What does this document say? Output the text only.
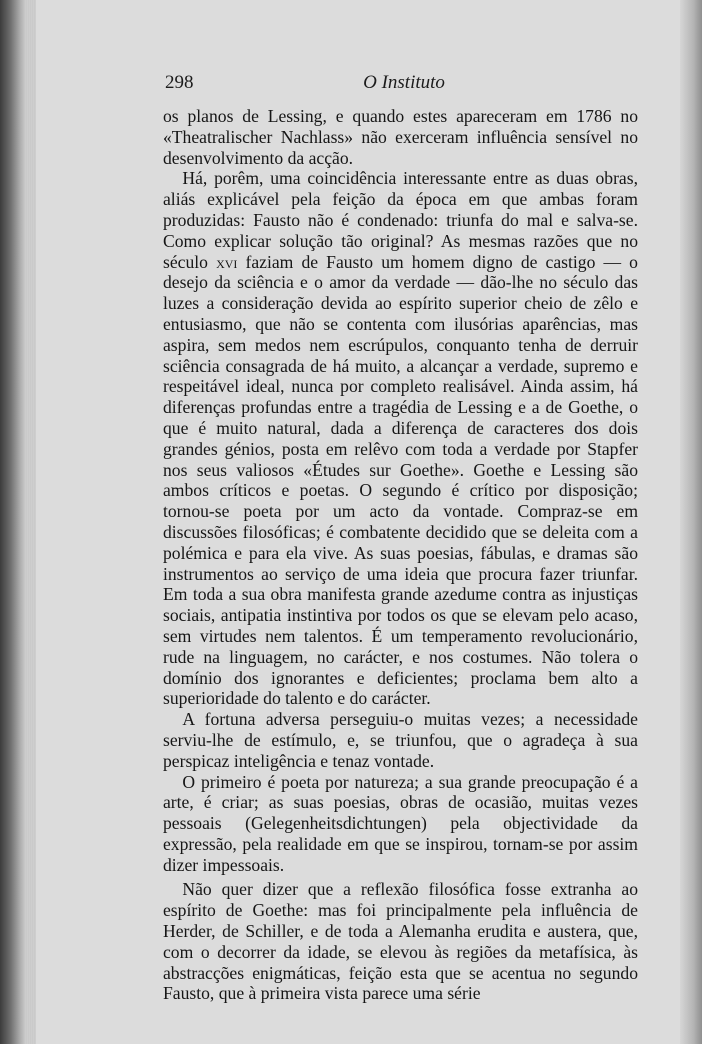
298	O Instituto

os planos de Lessing, e quando estes apareceram em 1786 no «Theatralischer Nachlass» não exerceram influência sensível no desenvolvimento da acção.

Há, porêm, uma coincidência interessante entre as duas obras, aliás explicável pela feição da época em que ambas foram produzidas: Fausto não é condenado: triunfa do mal e salva-se. Como explicar solução tão original? As mesmas razões que no século xvi faziam de Fausto um homem digno de castigo — o desejo da sciência e o amor da verdade — dão-lhe no século das luzes a consideração devida ao espírito superior cheio de zêlo e entusiasmo, que não se contenta com ilusórias aparências, mas aspira, sem medos nem escrúpulos, conquanto tenha de derruir sciência consagrada de há muito, a alcançar a verdade, supremo e respeitável ideal, nunca por completo realisável. Ainda assim, há diferenças profundas entre a tragédia de Lessing e a de Goethe, o que é muito natural, dada a diferença de caracteres dos dois grandes génios, posta em relêvo com toda a verdade por Stapfer nos seus valiosos «Études sur Goethe». Goethe e Lessing são ambos críticos e poetas. O segundo é crítico por disposição; tornou-se poeta por um acto da vontade. Compraz-se em discussões filosóficas; é combatente decidido que se deleita com a polémica e para ela vive. As suas poesias, fábulas, e dramas são instrumentos ao serviço de uma ideia que procura fazer triunfar. Em toda a sua obra manifesta grande azedume contra as injustiças sociais, antipatia instintiva por todos os que se elevam pelo acaso, sem virtudes nem talentos. É um temperamento revolucionário, rude na linguagem, no carácter, e nos costumes. Não tolera o domínio dos ignorantes e deficientes; proclama bem alto a superioridade do talento e do carácter.

A fortuna adversa perseguiu-o muitas vezes; a necessidade serviu-lhe de estímulo, e, se triunfou, que o agradeça à sua perspicaz inteligência e tenaz vontade.

O primeiro é poeta por natureza; a sua grande preocupação é a arte, é criar; as suas poesias, obras de ocasião, muitas vezes pessoais (Gelegenheitsdichtungen) pela objectividade da expressão, pela realidade em que se inspirou, tornam-se por assim dizer impessoais.

Não quer dizer que a reflexão filosófica fosse extranha ao espírito de Goethe: mas foi principalmente pela influência de Herder, de Schiller, e de toda a Alemanha erudita e austera, que, com o decorrer da idade, se elevou às regiões da metafísica, às abstracções enigmáticas, feição esta que se acentua no segundo Fausto, que à primeira vista parece uma série
